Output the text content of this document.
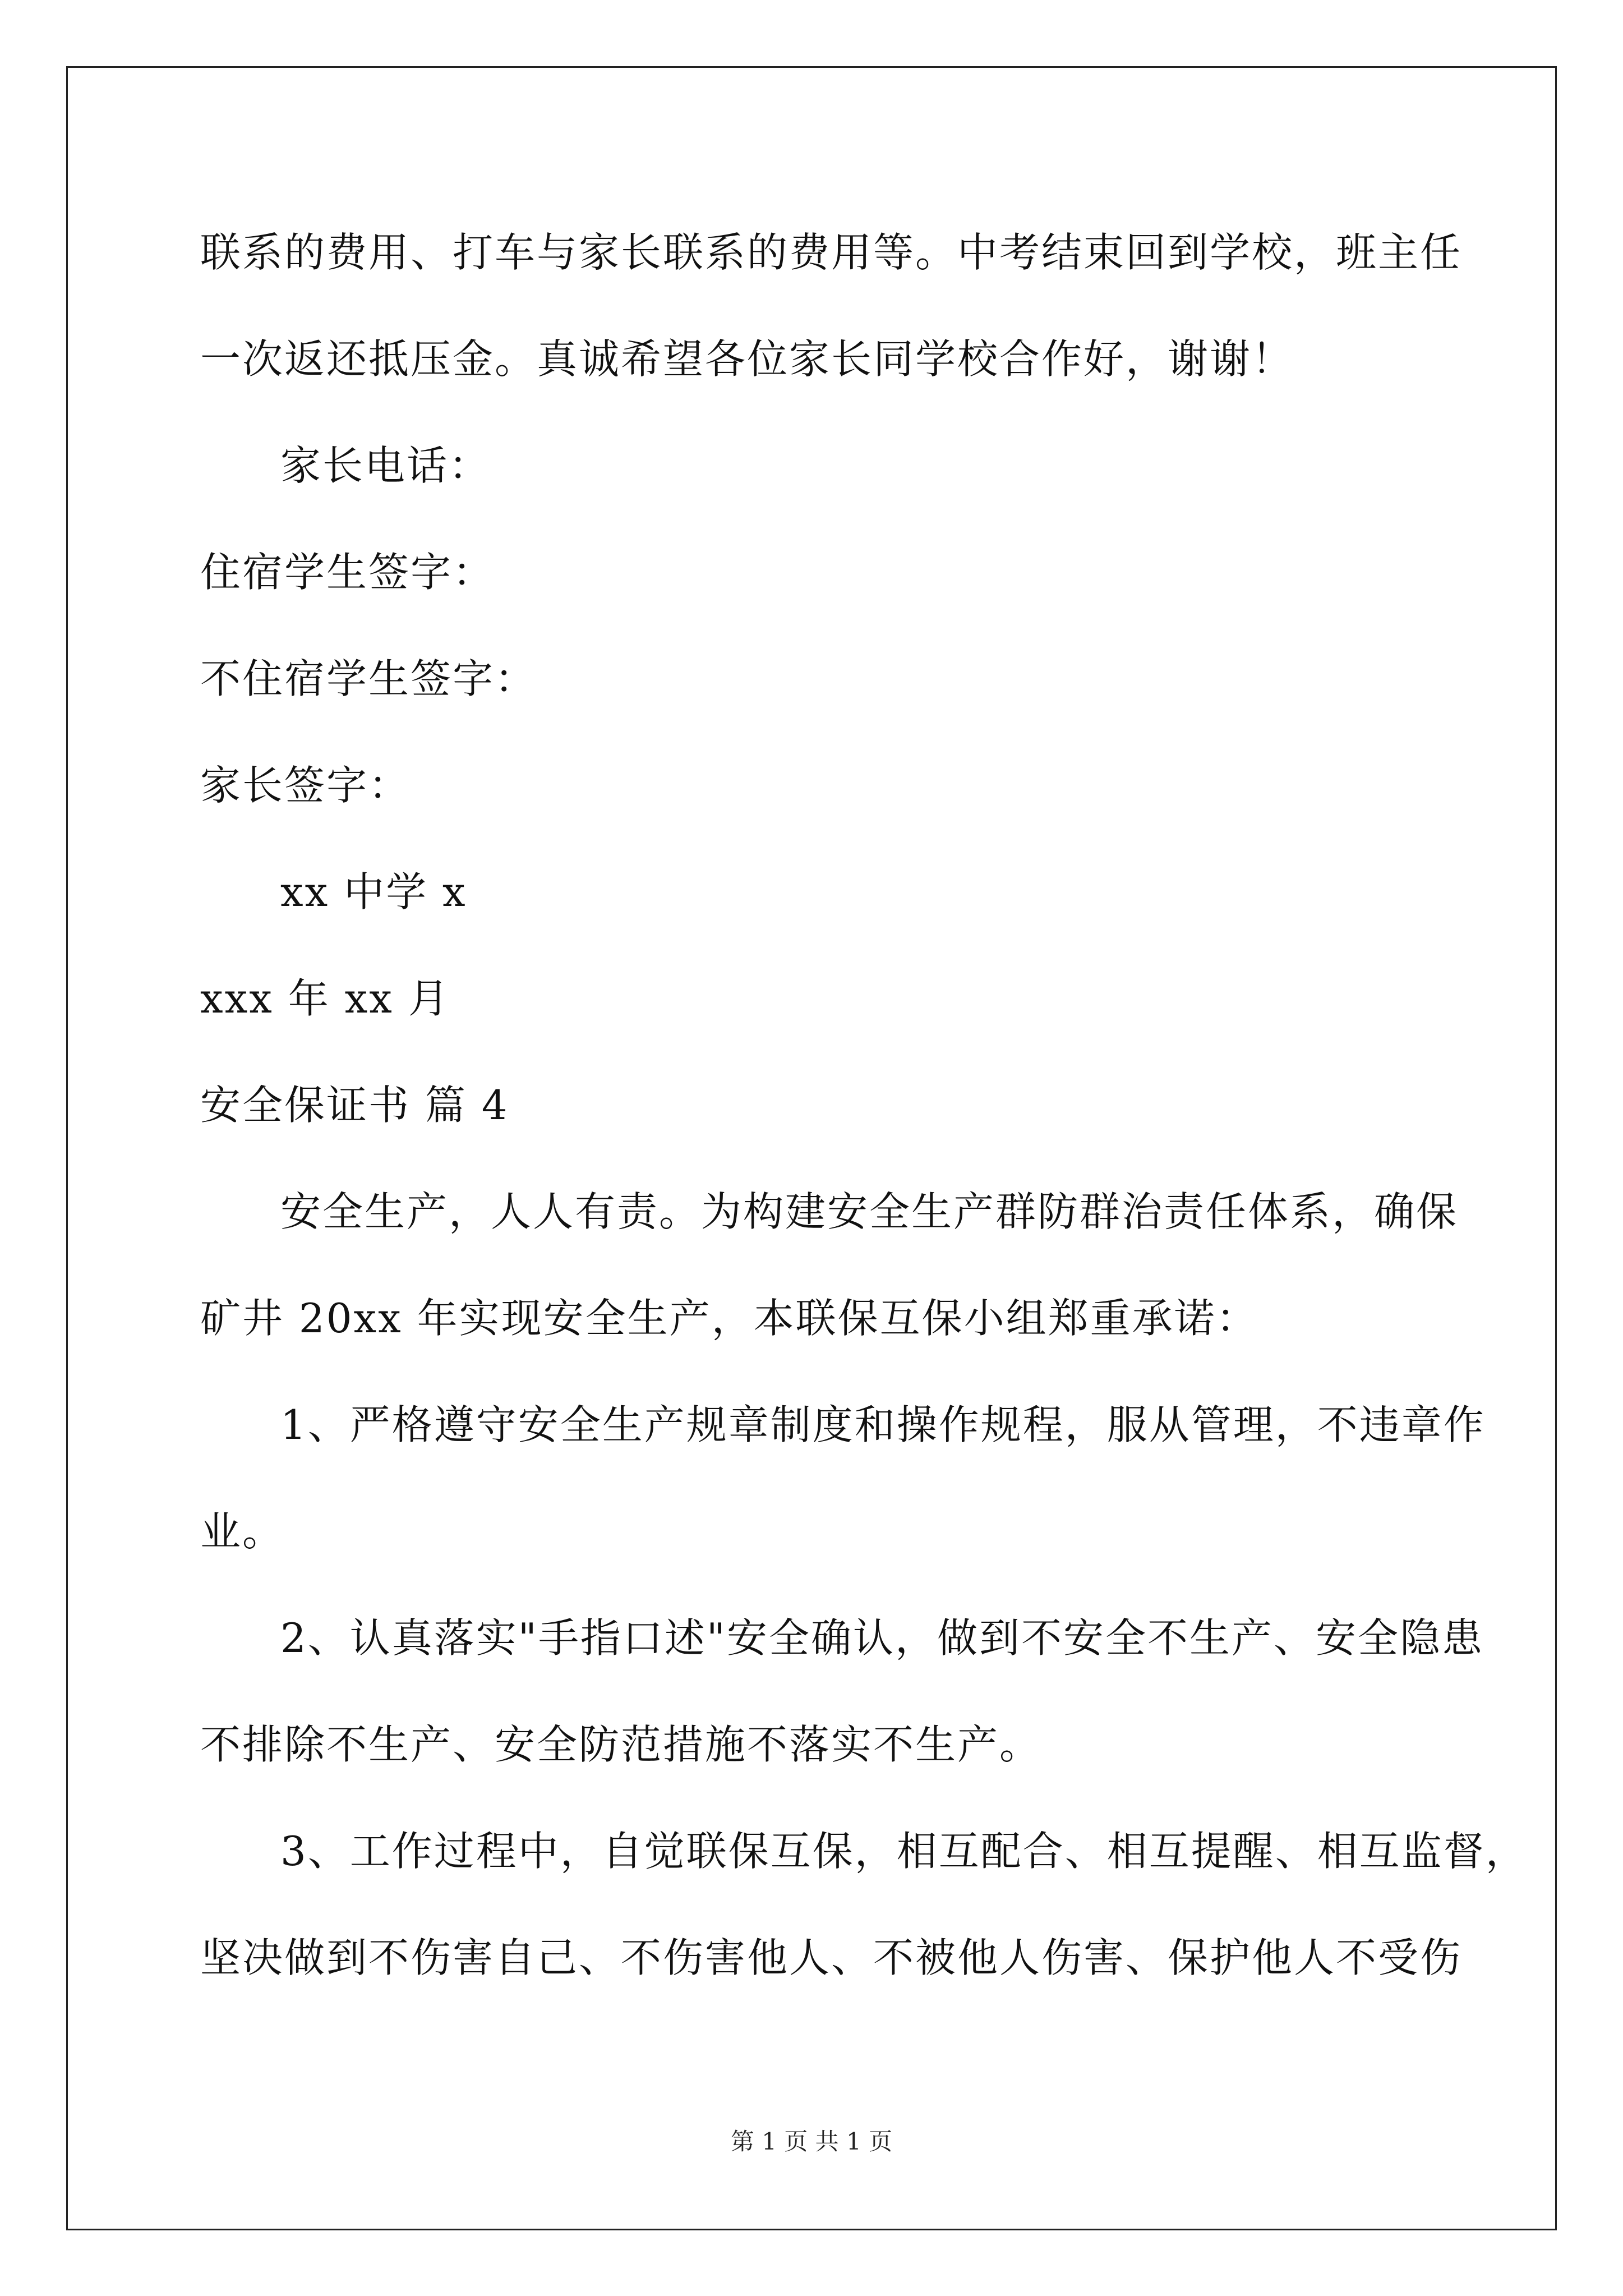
联系的费用、打车与家长联系的费用等。中考结束回到学校，班主任
一次返还抵压金。真诚希望各位家长同学校合作好，谢谢！
家长电话：
住宿学生签字：
不住宿学生签字：
家长签字：
xx 中学 x
xxx 年 xx 月
安全保证书 篇 4
安全生产，人人有责。为构建安全生产群防群治责任体系，确保
矿井 20xx 年实现安全生产，本联保互保小组郑重承诺：
1、严格遵守安全生产规章制度和操作规程，服从管理，不违章作
业。
2、认真落实"手指口述"安全确认，做到不安全不生产、安全隐患
不排除不生产、安全防范措施不落实不生产。
3、工作过程中，自觉联保互保，相互配合、相互提醒、相互监督，
坚决做到不伤害自己、不伤害他人、不被他人伤害、保护他人不受伤
第 1 页 共 1 页
